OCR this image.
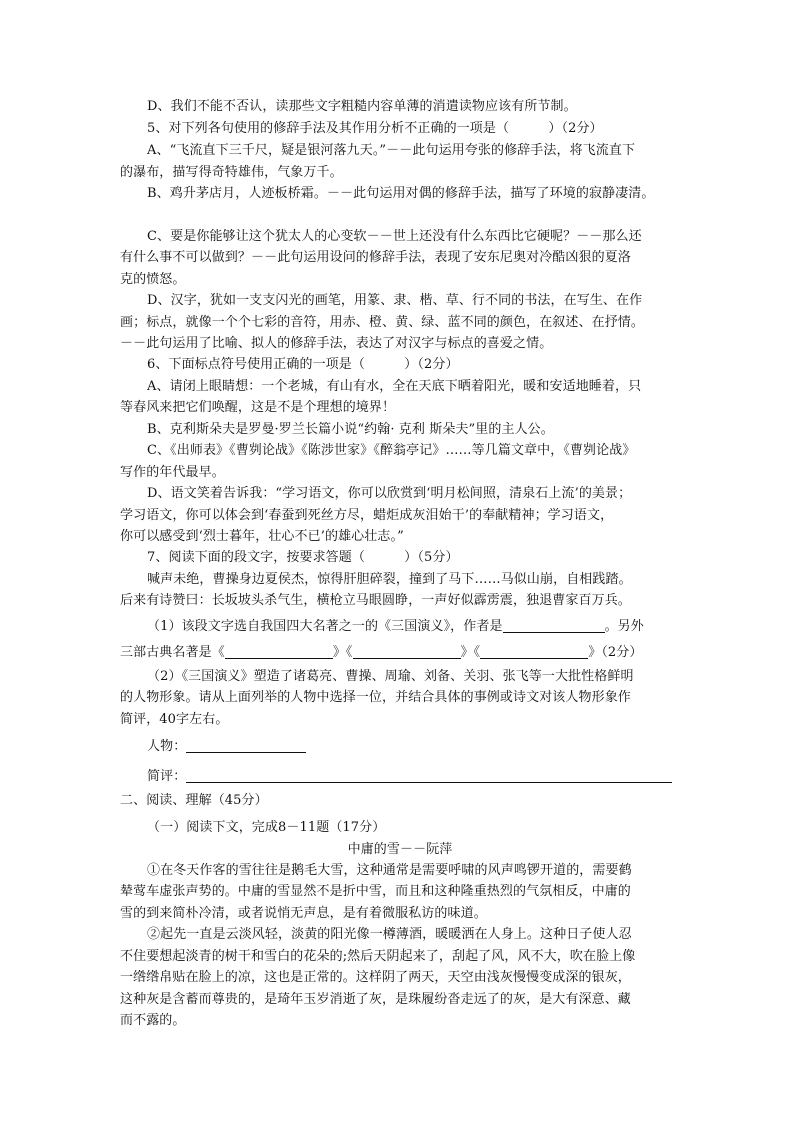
D、我们不能不否认，读那些文字粗糙内容单薄的消遣读物应该有所节制。
5、对下列各句使用的修辞手法及其作用分析不正确的一项是（　　　）（2分）
A、“飞流直下三千尺，疑是银河落九天。”－－此句运用夸张的修辞手法，将飞流直下
的瀑布，描写得奇特雄伟，气象万千。
B、鸡升茅店月，人迹板桥霜。－－此句运用对偶的修辞手法，描写了环境的寂静凄清。
C、要是你能够让这个犹太人的心变软－－世上还没有什么东西比它硬呢？－－那么还
有什么事不可以做到？－－此句运用设问的修辞手法，表现了安东尼奥对冷酷凶狠的夏洛
克的愤怒。
D、汉字，犹如一支支闪光的画笔，用篆、隶、楷、草、行不同的书法，在写生、在作
画；标点，就像一个个七彩的音符，用赤、橙、黄、绿、蓝不同的颜色，在叙述、在抒情。
－－此句运用了比喻、拟人的修辞手法，表达了对汉字与标点的喜爱之情。
6、下面标点符号使用正确的一项是（　　　）（2分）
A、请闭上眼睛想：一个老城，有山有水，全在天底下晒着阳光，暖和安适地睡着，只
等春风来把它们唤醒，这是不是个理想的境界！
B、克利斯朵夫是罗曼·罗兰长篇小说“约翰· 克利 斯朵夫”里的主人公。
C、《出师表》《曹刿论战》《陈涉世家》《醉翁亭记》……等几篇文章中，《曹刿论战》
写作的年代最早。
D、语文笑着告诉我：“学习语文，你可以欣赏到‘明月松间照，清泉石上流’的美景；
学习语文，你可以体会到‘春蚕到死丝方尽，蜡炬成灰泪始干’的奉献精神；学习语文，
你可以感受到‘烈士暮年，壮心不已’的雄心壮志。”
7、阅读下面的段文字，按要求答题（　　　）（5分）
喊声未绝，曹操身边夏侯杰，惊得肝胆碎裂，撞到了马下……马似山崩，自相践踏。
后来有诗赞曰：长坂坡头杀气生，横枪立马眼圆睁，一声好似霹雳震，独退曹家百万兵。
（1）该段文字选自我国四大名著之一的《三国演义》，作者是	。另外
三部古典名著是《	》《	》《	》（2分）
（2）《三国演义》塑造了诸葛亮、曹操、周瑜、刘备、关羽、张飞等一大批性格鲜明
的人物形象。请从上面列举的人物中选择一位，并结合具体的事例或诗文对该人物形象作
简评，40字左右。
人物：
简评：
二、阅读、理解（45分）
（一）阅读下文，完成8－11题（17分）
中庸的雪－－阮萍
①在冬天作客的雪往往是鹅毛大雪，这种通常是需要呼啸的风声鸣锣开道的，需要鹤
辇莺车虚张声势的。中庸的雪显然不是折中雪，而且和这种隆重热烈的气氛相反，中庸的
雪的到来简朴冷清，或者说悄无声息，是有着微服私访的味道。
②起先一直是云淡风轻，淡黄的阳光像一樽薄酒，暖暖洒在人身上。这种日子使人忍
不住要想起淡青的树干和雪白的花朵的;然后天阴起来了，刮起了风，风不大，吹在脸上像
一绺绺帛贴在脸上的凉，这也是正常的。这样阴了两天，天空由浅灰慢慢变成深的银灰，
这种灰是含蓄而尊贵的，是琦年玉岁消逝了灰，是珠履纷沓走远了的灰，是大有深意、藏
而不露的。
